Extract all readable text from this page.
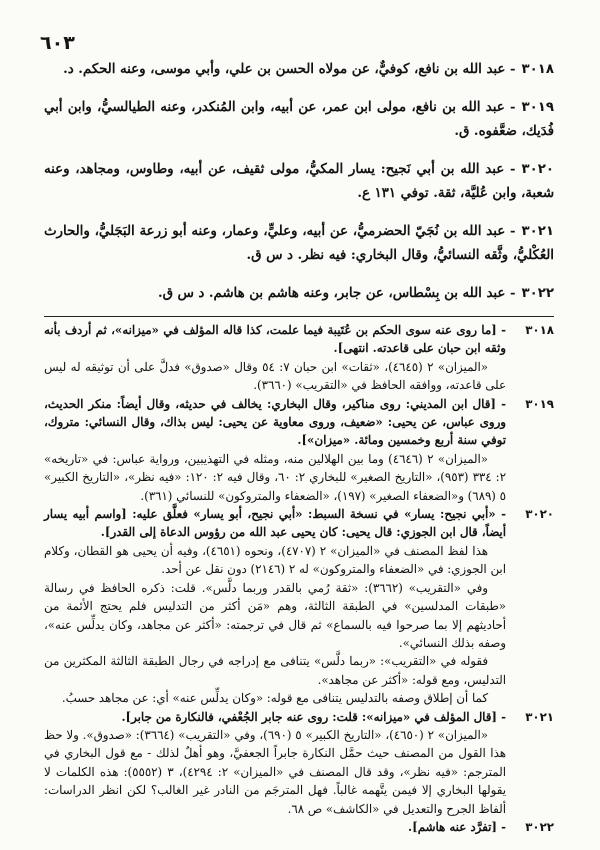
٦٠٣

٣٠١٨- عبد الله بن نافع، كوفيٌّ، عن مولاه الحسن بن علي، وأبي موسى، وعنه الحكم. د.

٣٠١٩- عبد الله بن نافع، مولى ابن عمر، عن أبيه، وابن المُنكدر، وعنه الطيالسيُّ، وابن أبي فُدَيك، ضعَّفوه. ق.

٣٠٢٠- عبد الله بن أبي نَجيح: يسار المكيُّ، مولى ثقيف، عن أبيه، وطاوس، ومجاهد، وعنه شعبة، وابن عُليَّة، ثقة. توفي ١٣١ ع.

٣٠٢١- عبد الله بن نُجَيّ الحضرميُّ، عن أبيه، وعليٍّ، وعمار، وعنه أبو زرعة البَجَليُّ، والحارث العُكْليُّ، وثَّقه النسائيُّ، وقال البخاري: فيه نظر. د س ق.

٣٠٢٢- عبد الله بن بِسْطاس، عن جابر، وعنه هاشم بن هاشم. د س ق.

٣٠١٨

- [ما روى عنه سوى الحكم بن عُتَيبة فيما علمت، كذا قاله المؤلف في «ميزانه»، ثم أردف بأنه وثقه ابن حبان على قاعدته. انتهى].

«الميزان» ٢ (٤٦٤٥)، «ثقات» ابن حبان ٧: ٥٤ وقال «صدوق» فدلَّ على أن توثيقه له ليس على قاعدته، ووافقه الحافظ في «التقريب» (٣٦٦٠).

٣٠١٩

- [قال ابن المديني: روى مناكير، وقال البخاري: يخالف في حديثه، وقال أيضاً: منكر الحديث، وروى عباس، عن يحيى: «ضعيف، وروى معاوية عن يحيى: ليس بذاك، وقال النسائي: متروك، توفي سنة أربع وخمسين ومائة. «ميزان»].

«الميزان» ٢ (٤٦٤٦) وما بين الهلالين منه، ومثله في التهذيبين، ورواية عباس: في «تاريخه» ٢: ٣٣٤ (٩٥٣)، «التاريخ الصغير» للبخاري ٢: ٦٠، وقال فيه ٢: ١٢٠: «فيه نظر»، «التاريخ الكبير» ٥ (٦٨٩) و«الضعفاء الصغير» (١٩٧)، «الضعفاء والمتروكون» للنسائي (٣٦١).

٣٠٢٠

- «أبي نجيح: يسار» في نسخة السبط: «أبي نجيح، أبو يسار» فعلَّق عليه: [واسم أبيه يسار أيضاً، قال ابن الجوزي: قال يحيى: كان يحيى عبد الله من رؤوس الدعاة إلى القدر].

هذا لفظ المصنف في «الميزان» ٢ (٤٧٠٧)، ونحوه (٤٦٥١)، وفيه أن يحيى هو القطان، وكلام ابن الجوزي: في «الضعفاء والمتروكون» له ٢ (٢١٤٦) دون نقل عن أحد.

وفي «التقريب» (٣٦٦٢): «ثقة رُمي بالقدر وربما دلَّس». قلت: ذكره الحافظ في رسالة «طبقات المدلسين» في الطبقة الثالثة، وهم «مَن أكثر من التدليس فلم يحتج الأئمة من أحاديثهم إلا بما صرحوا فيه بالسماع» ثم قال في ترجمته: «أكثر عن مجاهد، وكان يدلِّس عنه»، وصفه بذلك النسائي».

فقوله في «التقريب»: «ربما دلَّس» يتنافى مع إدراجه في رجال الطبقة الثالثة المكثرين من التدليس، ومع قوله: «أكثر عن مجاهد».

كما أن إطلاق وصفه بالتدليس يتنافى مع قوله: «وكان يدلِّس عنه» أي: عن مجاهد حسبُ.

٣٠٢١

- [قال المؤلف في «ميزانه»: قلت: روى عنه جابر الجُعْفي، فالنكارة من جابر].

«الميزان» ٢ (٤٦٥٠)، «التاريخ الكبير» ٥ (٦٩٠)، وفي «التقريب» (٣٦٦٤): «صدوق». ولا حظ هذا القول من المصنف حيث حمَّل النكارة جابراً الجعفيَّ، وهو أهلٌ لذلك - مع قول البخاري في المترجم: «فيه نظر»، وقد قال المصنف في «الميزان» ٢: ٤٢٩٤)، ٣ (٥٥٥٢): هذه الكلمات لا يقولها البخاري إلا فيمن يتَّهمه غالباً. فهل المترجَم من النادر غير الغالب؟ لكن انظر الدراسات: ألفاظ الجرح والتعديل في «الكاشف» ص ٦٨.

٣٠٢٢

- [تفرَّد عنه هاشم].
